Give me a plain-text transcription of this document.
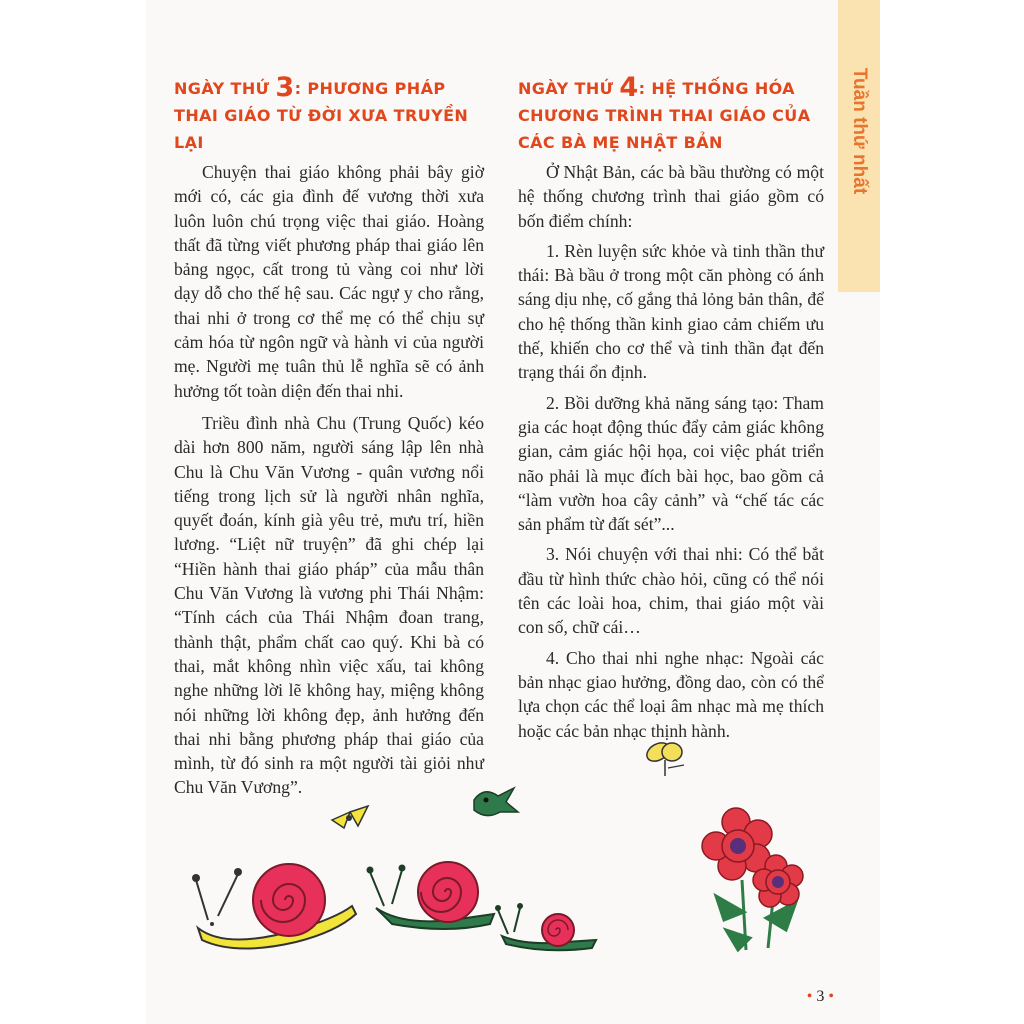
Tuần thứ nhất
NGÀY THỨ 3: PHƯƠNG PHÁP THAI GIÁO TỪ ĐỜI XƯA TRUYỀN LẠI

Chuyện thai giáo không phải bây giờ mới có, các gia đình đế vương thời xưa luôn luôn chú trọng việc thai giáo. Hoàng thất đã từng viết phương pháp thai giáo lên bảng ngọc, cất trong tủ vàng coi như lời dạy dỗ cho thế hệ sau. Các ngự y cho rằng, thai nhi ở trong cơ thể mẹ có thể chịu sự cảm hóa từ ngôn ngữ và hành vi của người mẹ. Người mẹ tuân thủ lễ nghĩa sẽ có ảnh hưởng tốt toàn diện đến thai nhi.

Triều đình nhà Chu (Trung Quốc) kéo dài hơn 800 năm, người sáng lập lên nhà Chu là Chu Văn Vương - quân vương nổi tiếng trong lịch sử là người nhân nghĩa, quyết đoán, kính già yêu trẻ, mưu trí, hiền lương. “Liệt nữ truyện” đã ghi chép lại “Hiền hành thai giáo pháp” của mẫu thân Chu Văn Vương là vương phi Thái Nhậm: “Tính cách của Thái Nhậm đoan trang, thành thật, phẩm chất cao quý. Khi bà có thai, mắt không nhìn việc xấu, tai không nghe những lời lẽ không hay, miệng không nói những lời không đẹp, ảnh hưởng đến thai nhi bằng phương pháp thai giáo của mình, từ đó sinh ra một người tài giỏi như Chu Văn Vương”.

NGÀY THỨ 4: HỆ THỐNG HÓA CHƯƠNG TRÌNH THAI GIÁO CỦA CÁC BÀ MẸ NHẬT BẢN

Ở Nhật Bản, các bà bầu thường có một hệ thống chương trình thai giáo gồm có bốn điểm chính:

1. Rèn luyện sức khỏe và tinh thần thư thái: Bà bầu ở trong một căn phòng có ánh sáng dịu nhẹ, cố gắng thả lỏng bản thân, để cho hệ thống thần kinh giao cảm chiếm ưu thế, khiến cho cơ thể và tinh thần đạt đến trạng thái ổn định.

2. Bồi dưỡng khả năng sáng tạo: Tham gia các hoạt động thúc đẩy cảm giác không gian, cảm giác hội họa, coi việc phát triển não phải là mục đích bài học, bao gồm cả “làm vườn hoa cây cảnh” và “chế tác các sản phẩm từ đất sét”...

3. Nói chuyện với thai nhi: Có thể bắt đầu từ hình thức chào hỏi, cũng có thể nói tên các loài hoa, chim, thai giáo một vài con số, chữ cái…

4. Cho thai nhi nghe nhạc: Ngoài các bản nhạc giao hưởng, đồng dao, còn có thể lựa chọn các thể loại âm nhạc mà mẹ thích hoặc các bản nhạc thịnh hành.

• 3 •
